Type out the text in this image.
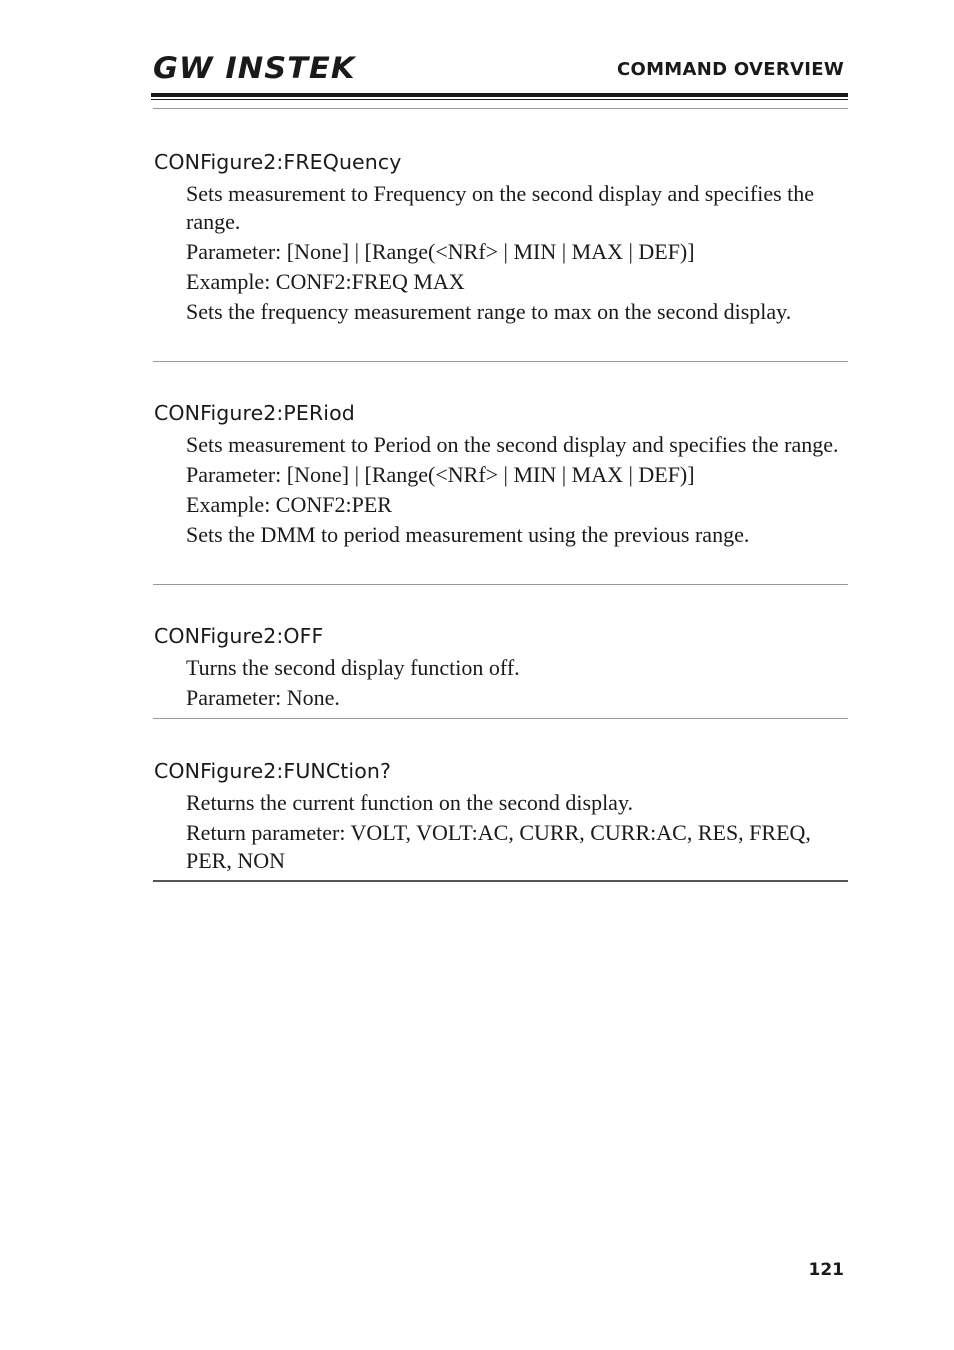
GW INSTEK	COMMAND OVERVIEW
CONFigure2:FREQuency

Sets measurement to Frequency on the second display and specifies the range.

Parameter: [None] | [Range(<NRf> | MIN | MAX | DEF)]

Example: CONF2:FREQ MAX

Sets the frequency measurement range to max on the second display.

CONFigure2:PERiod

Sets measurement to Period on the second display and specifies the range.

Parameter: [None] | [Range(<NRf> | MIN | MAX | DEF)]

Example: CONF2:PER

Sets the DMM to period measurement using the previous range.

CONFigure2:OFF

Turns the second display function off.

Parameter: None.

CONFigure2:FUNCtion?

Returns the current function on the second display.

Return parameter: VOLT, VOLT:AC, CURR, CURR:AC, RES, FREQ, PER, NON

121
